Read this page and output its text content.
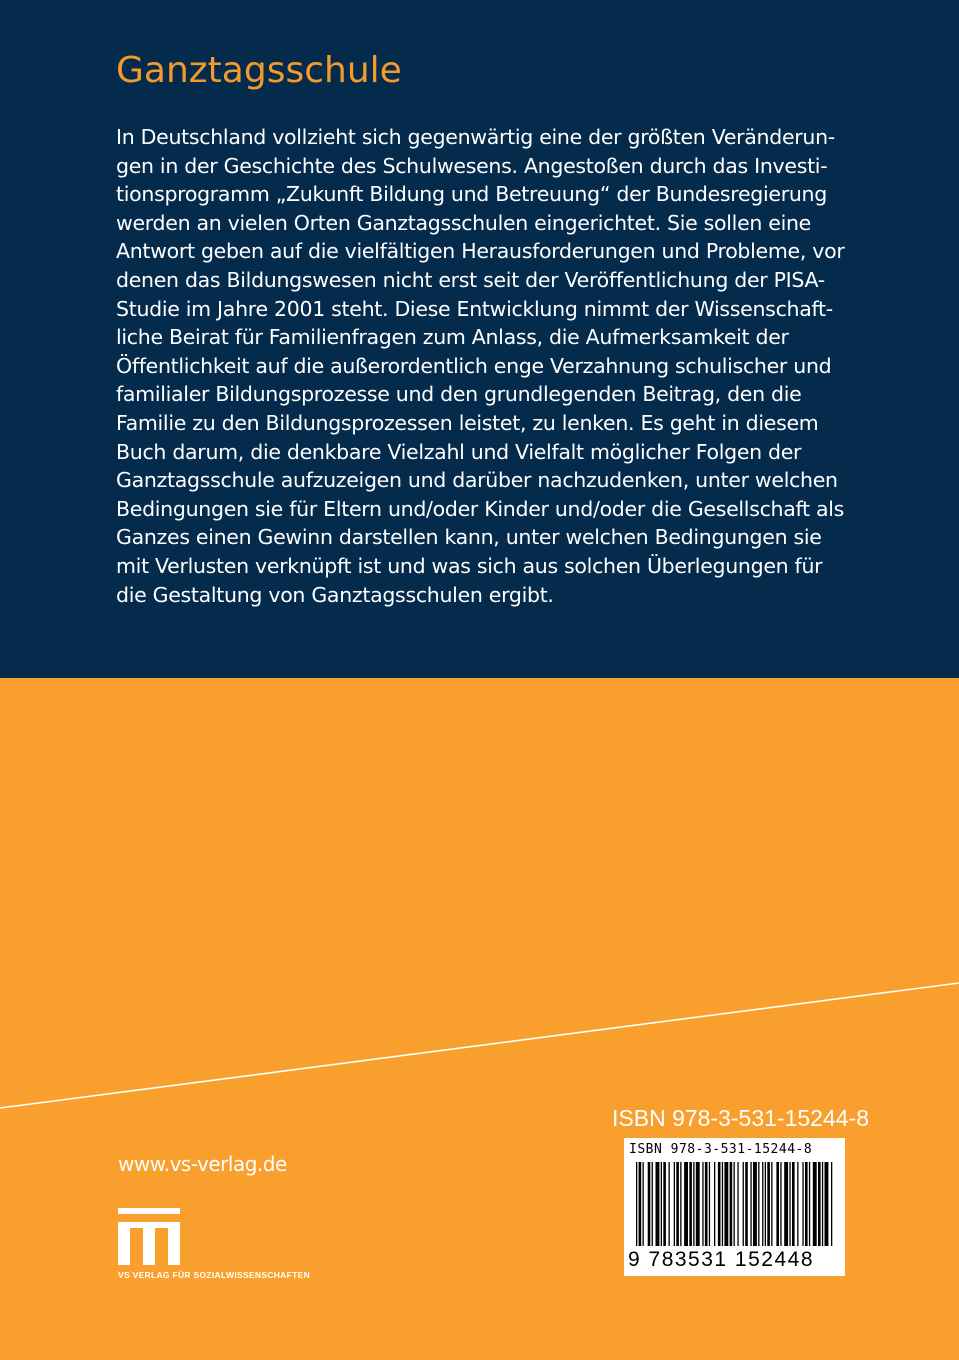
Ganztagsschule

In Deutschland vollzieht sich gegenwärtig eine der größten Veränderun-
gen in der Geschichte des Schulwesens. Angestoßen durch das Investi-
tionsprogramm „Zukunft Bildung und Betreuung“ der Bundesregierung
werden an vielen Orten Ganztagsschulen eingerichtet. Sie sollen eine
Antwort geben auf die vielfältigen Herausforderungen und Probleme, vor
denen das Bildungswesen nicht erst seit der Veröffentlichung der PISA-
Studie im Jahre 2001 steht. Diese Entwicklung nimmt der Wissenschaft-
liche Beirat für Familienfragen zum Anlass, die Aufmerksamkeit der
Öffentlichkeit auf die außerordentlich enge Verzahnung schulischer und
familialer Bildungsprozesse und den grundlegenden Beitrag, den die
Familie zu den Bildungsprozessen leistet, zu lenken. Es geht in diesem
Buch darum, die denkbare Vielzahl und Vielfalt möglicher Folgen der
Ganztagsschule aufzuzeigen und darüber nachzudenken, unter welchen
Bedingungen sie für Eltern und/oder Kinder und/oder die Gesellschaft als
Ganzes einen Gewinn darstellen kann, unter welchen Bedingungen sie
mit Verlusten verknüpft ist und was sich aus solchen Überlegungen für
die Gestaltung von Ganztagsschulen ergibt.

ISBN 978-3-531-15244-8
ISBN 978-3-531-15244-8
9 783531 152448
www.vs-verlag.de
VS VERLAG FÜR SOZIALWISSENSCHAFTEN
